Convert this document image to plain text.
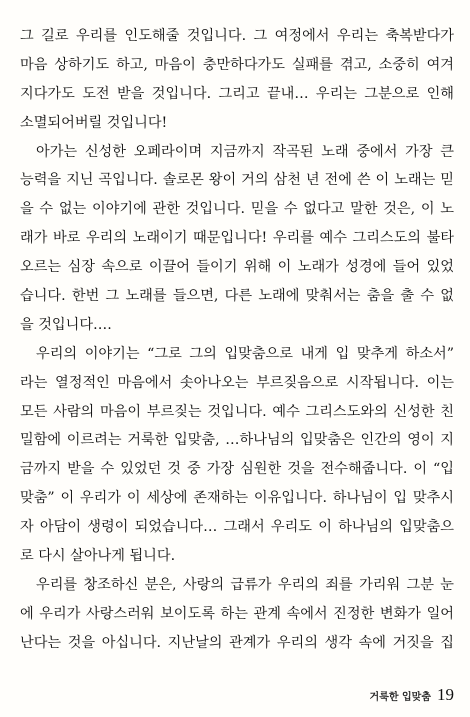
그 길로 우리를 인도해줄 것입니다. 그 여정에서 우리는 축복받다가
마음 상하기도 하고, 마음이 충만하다가도 실패를 겪고, 소중히 여겨
지다가도 도전 받을 것입니다. 그리고 끝내… 우리는 그분으로 인해
소멸되어버릴 것입니다!
아가는 신성한 오페라이며 지금까지 작곡된 노래 중에서 가장 큰
능력을 지닌 곡입니다. 솔로몬 왕이 거의 삼천 년 전에 쓴 이 노래는 믿
을 수 없는 이야기에 관한 것입니다. 믿을 수 없다고 말한 것은, 이 노
래가 바로 우리의 노래이기 때문입니다! 우리를 예수 그리스도의 불타
오르는 심장 속으로 이끌어 들이기 위해 이 노래가 성경에 들어 있었
습니다. 한번 그 노래를 들으면, 다른 노래에 맞춰서는 춤을 출 수 없
을 것입니다….
우리의 이야기는 “그로 그의 입맞춤으로 내게 입 맞추게 하소서”
라는 열정적인 마음에서 솟아나오는 부르짖음으로 시작됩니다. 이는
모든 사람의 마음이 부르짖는 것입니다. 예수 그리스도와의 신성한 친
밀함에 이르려는 거룩한 입맞춤, …하나님의 입맞춤은 인간의 영이 지
금까지 받을 수 있었던 것 중 가장 심원한 것을 전수해줍니다. 이 “입
맞춤” 이 우리가 이 세상에 존재하는 이유입니다. 하나님이 입 맞추시
자 아담이 생령이 되었습니다… 그래서 우리도 이 하나님의 입맞춤으
로 다시 살아나게 됩니다.
우리를 창조하신 분은, 사랑의 급류가 우리의 죄를 가리워 그분 눈
에 우리가 사랑스러워 보이도록 하는 관계 속에서 진정한 변화가 일어
난다는 것을 아십니다. 지난날의 관계가 우리의 생각 속에 거짓을 집
거룩한 입맞춤 19
